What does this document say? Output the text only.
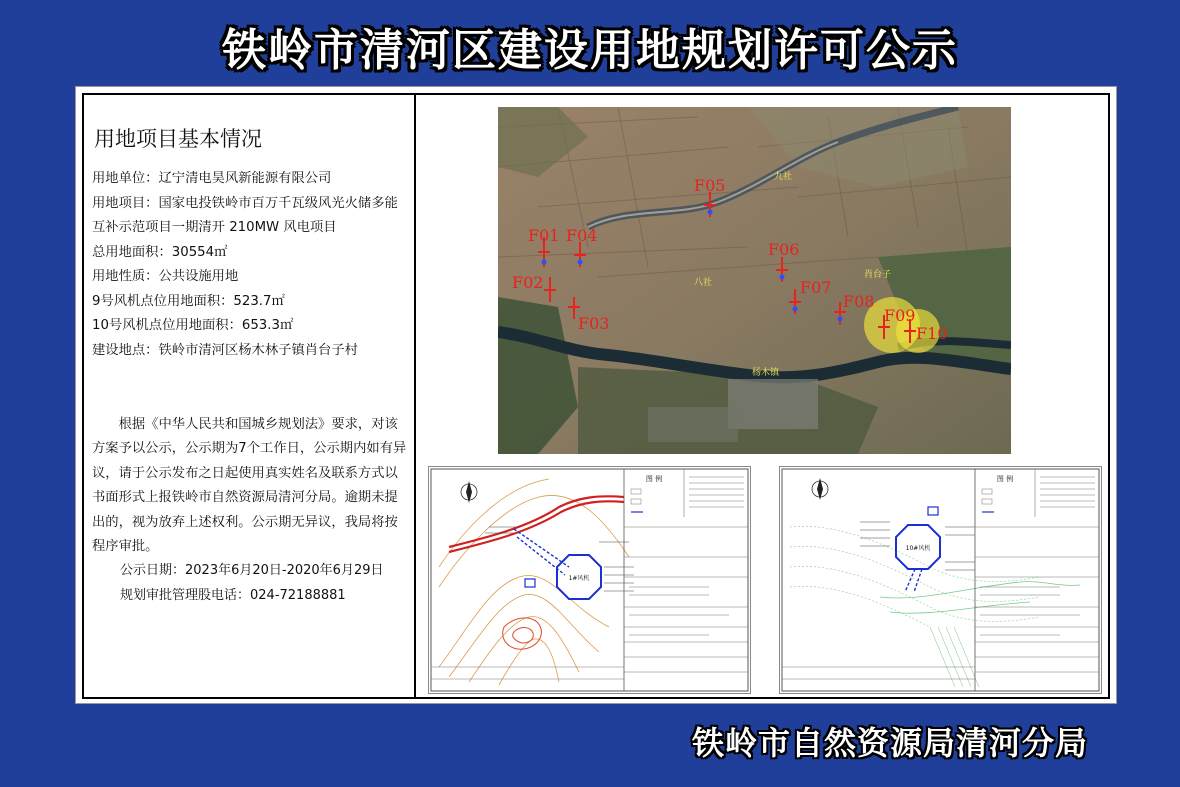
铁岭市清河区建设用地规划许可公示
用地项目基本情况
用地单位：辽宁清电昊风新能源有限公司
用地项目：国家电投铁岭市百万千瓦级风光火储多能
互补示范项目一期清开 210MW 风电项目
总用地面积：30554㎡
用地性质：公共设施用地
9号风机点位用地面积：523.7㎡
10号风机点位用地面积：653.3㎡
建设地点：铁岭市清河区杨木林子镇肖台子村
根据《中华人民共和国城乡规划法》要求，对该方案予以公示，公示期为7个工作日，公示期内如有异议，请于公示发布之日起使用真实姓名及联系方式以书面形式上报铁岭市自然资源局清河分局。逾期未提出的，视为放弃上述权利。公示期无异议，我局将按程序审批。
公示日期：2023年6月20日-2020年6月29日
规划审批管理股电话：024-72188881
F01
F02
F03
F04
F05
F06
F07
F08
F09
F10
九社
八社
肖台子
杨木镇
1#风机
图 例
10#风机
图 例
铁岭市自然资源局清河分局
